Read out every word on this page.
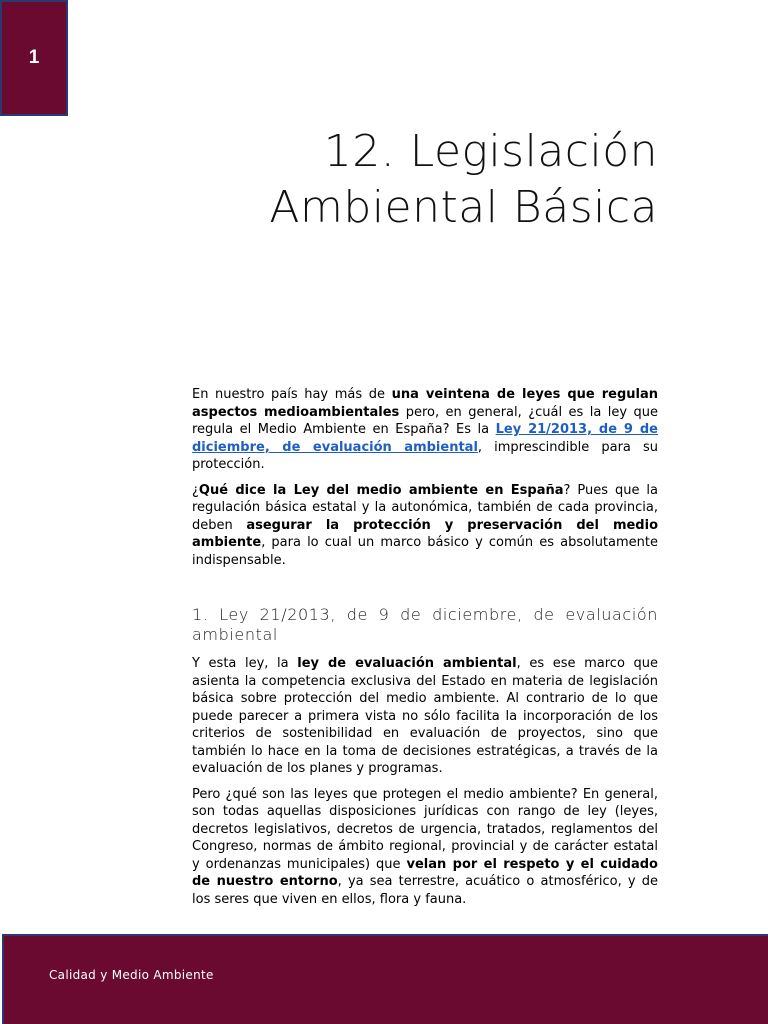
1
12. Legislación
Ambiental Básica

En nuestro país hay más de una veintena de leyes que regulan aspectos medioambientales pero, en general, ¿cuál es la ley que regula el Medio Ambiente en España? Es la Ley 21/2013, de 9 de diciembre, de evaluación ambiental, imprescindible para su protección.

¿Qué dice la Ley del medio ambiente en España? Pues que la regulación básica estatal y la autonómica, también de cada provincia, deben asegurar la protección y preservación del medio ambiente, para lo cual un marco básico y común es absolutamente indispensable.

1. Ley 21/2013, de 9 de diciembre, de evaluación ambiental

Y esta ley, la ley de evaluación ambiental, es ese marco que asienta la competencia exclusiva del Estado en materia de legislación básica sobre protección del medio ambiente. Al contrario de lo que puede parecer a primera vista no sólo facilita la incorporación de los criterios de sostenibilidad en evaluación de proyectos, sino que también lo hace en la toma de decisiones estratégicas, a través de la evaluación de los planes y programas.

Pero ¿qué son las leyes que protegen el medio ambiente? En general, son todas aquellas disposiciones jurídicas con rango de ley (leyes, decretos legislativos, decretos de urgencia, tratados, reglamentos del Congreso, normas de ámbito regional, provincial y de carácter estatal y ordenanzas municipales) que velan por el respeto y el cuidado de nuestro entorno, ya sea terrestre, acuático o atmosférico, y de los seres que viven en ellos, flora y fauna.

Calidad y Medio Ambiente
